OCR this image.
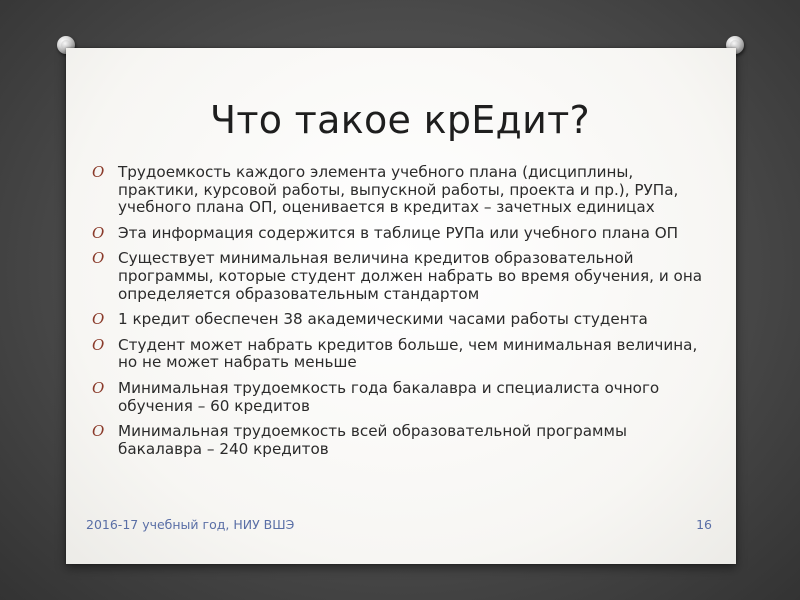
Что такое крЕдит?
O Трудоемкость каждого элемента учебного плана (дисциплины, практики, курсовой работы, выпускной работы, проекта и пр.), РУПа, учебного плана ОП, оценивается в кредитах – зачетных единицах
O Эта информация содержится в таблице РУПа или учебного плана ОП
O Существует минимальная величина кредитов образовательной программы, которые студент должен набрать во время обучения, и она определяется образовательным стандартом
O 1 кредит обеспечен 38 академическими часами работы студента
O Студент может набрать кредитов больше, чем минимальная величина, но не может набрать меньше
O Минимальная трудоемкость года бакалавра и специалиста очного обучения – 60 кредитов
O Минимальная трудоемкость всей образовательной программы бакалавра – 240 кредитов
2016-17 учебный год, НИУ ВШЭ	16
